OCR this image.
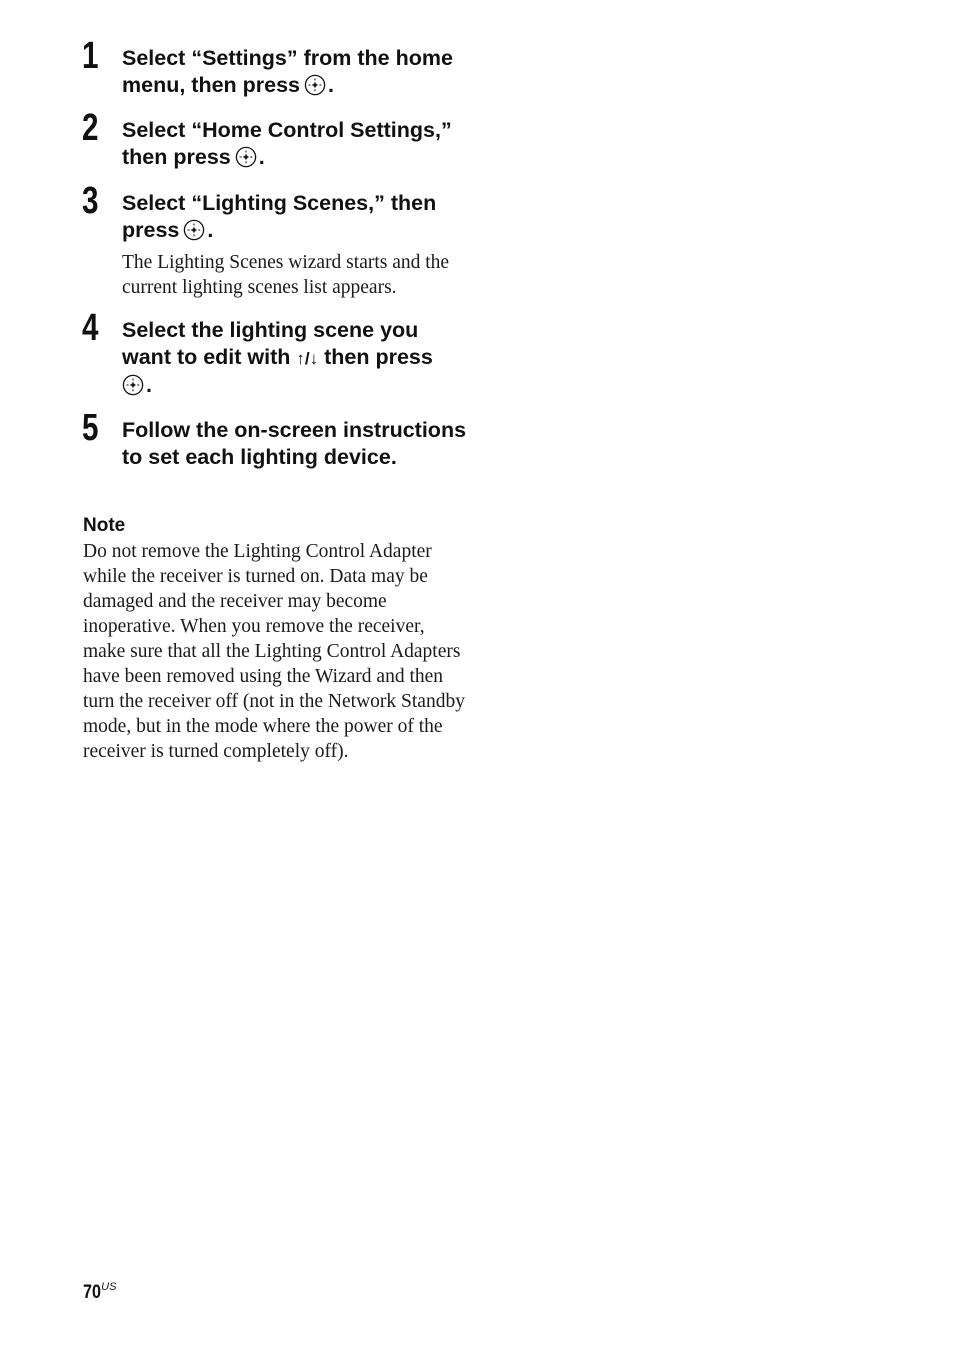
1 Select “Settings” from the home menu, then press .
2 Select “Home Control Settings,” then press .
3 Select “Lighting Scenes,” then press .
The Lighting Scenes wizard starts and the current lighting scenes list appears.
4 Select the lighting scene you want to edit with ↑/↓ then press

.
5 Follow the on-screen instructions to set each lighting device.
Note
Do not remove the Lighting Control Adapter while the receiver is turned on. Data may be damaged and the receiver may become inoperative. When you remove the receiver, make sure that all the Lighting Control Adapters have been removed using the Wizard and then turn the receiver off (not in the Network Standby mode, but in the mode where the power of the receiver is turned completely off).
$70^{US}$
